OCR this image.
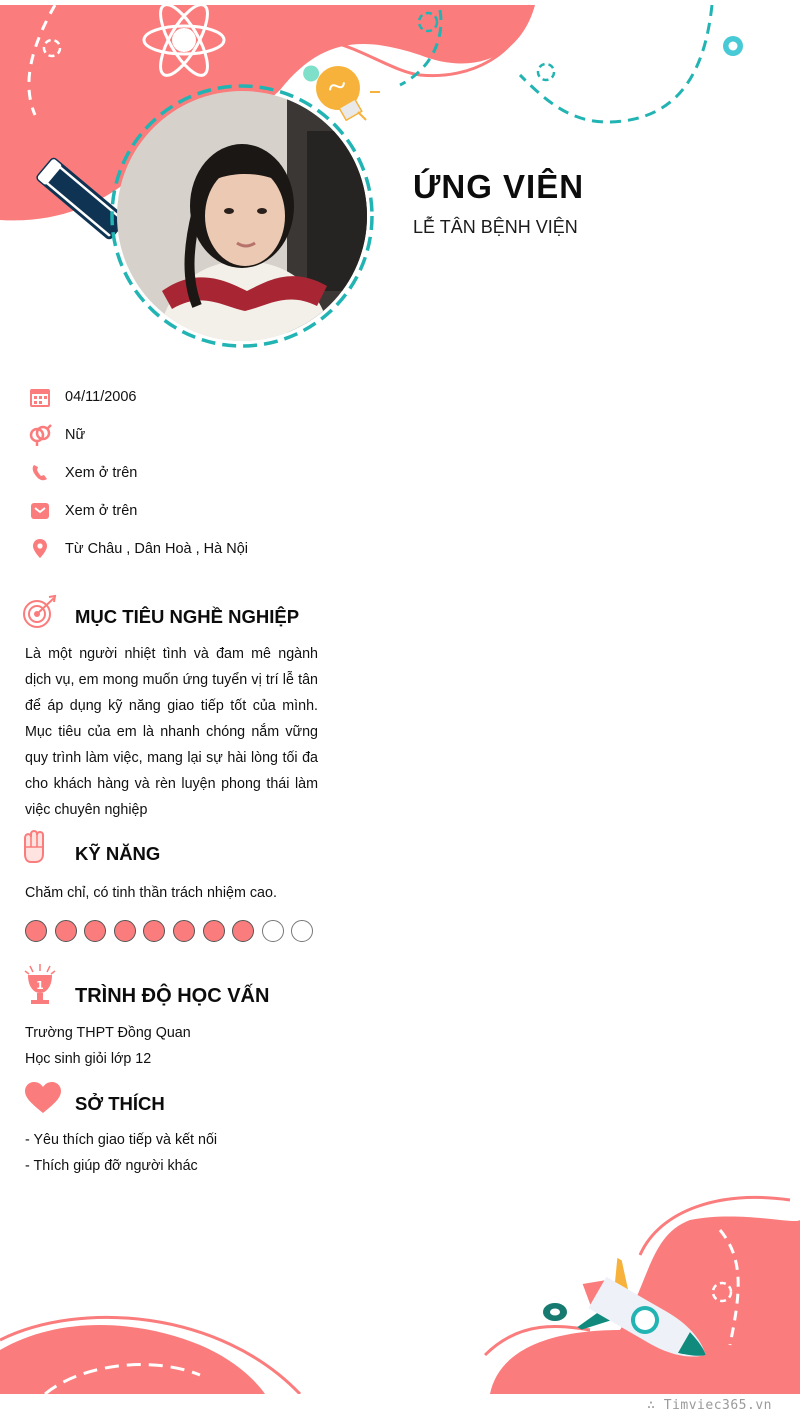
ỨNG VIÊN
LỄ TÂN BỆNH VIỆN
04/11/2006
Nữ
Xem ở trên
Xem ở trên
Từ Châu , Dân Hoà , Hà Nội
MỤC TIÊU NGHỀ NGHIỆP
Là một người nhiệt tình và đam mê ngành dịch vụ, em mong muốn ứng tuyển vị trí lễ tân để áp dụng kỹ năng giao tiếp tốt của mình. Mục tiêu của em là nhanh chóng nắm vững quy trình làm việc, mang lại sự hài lòng tối đa cho khách hàng và rèn luyện phong thái làm việc chuyên nghiệp
KỸ NĂNG
Chăm chỉ, có tinh thần trách nhiệm cao.
1 TRÌNH ĐỘ HỌC VẤN
Trường THPT Đồng Quan
Học sinh giỏi lớp 12
SỞ THÍCH
- Yêu thích giao tiếp và kết nối
- Thích giúp đỡ người khác
∴ Timviec365.vn
